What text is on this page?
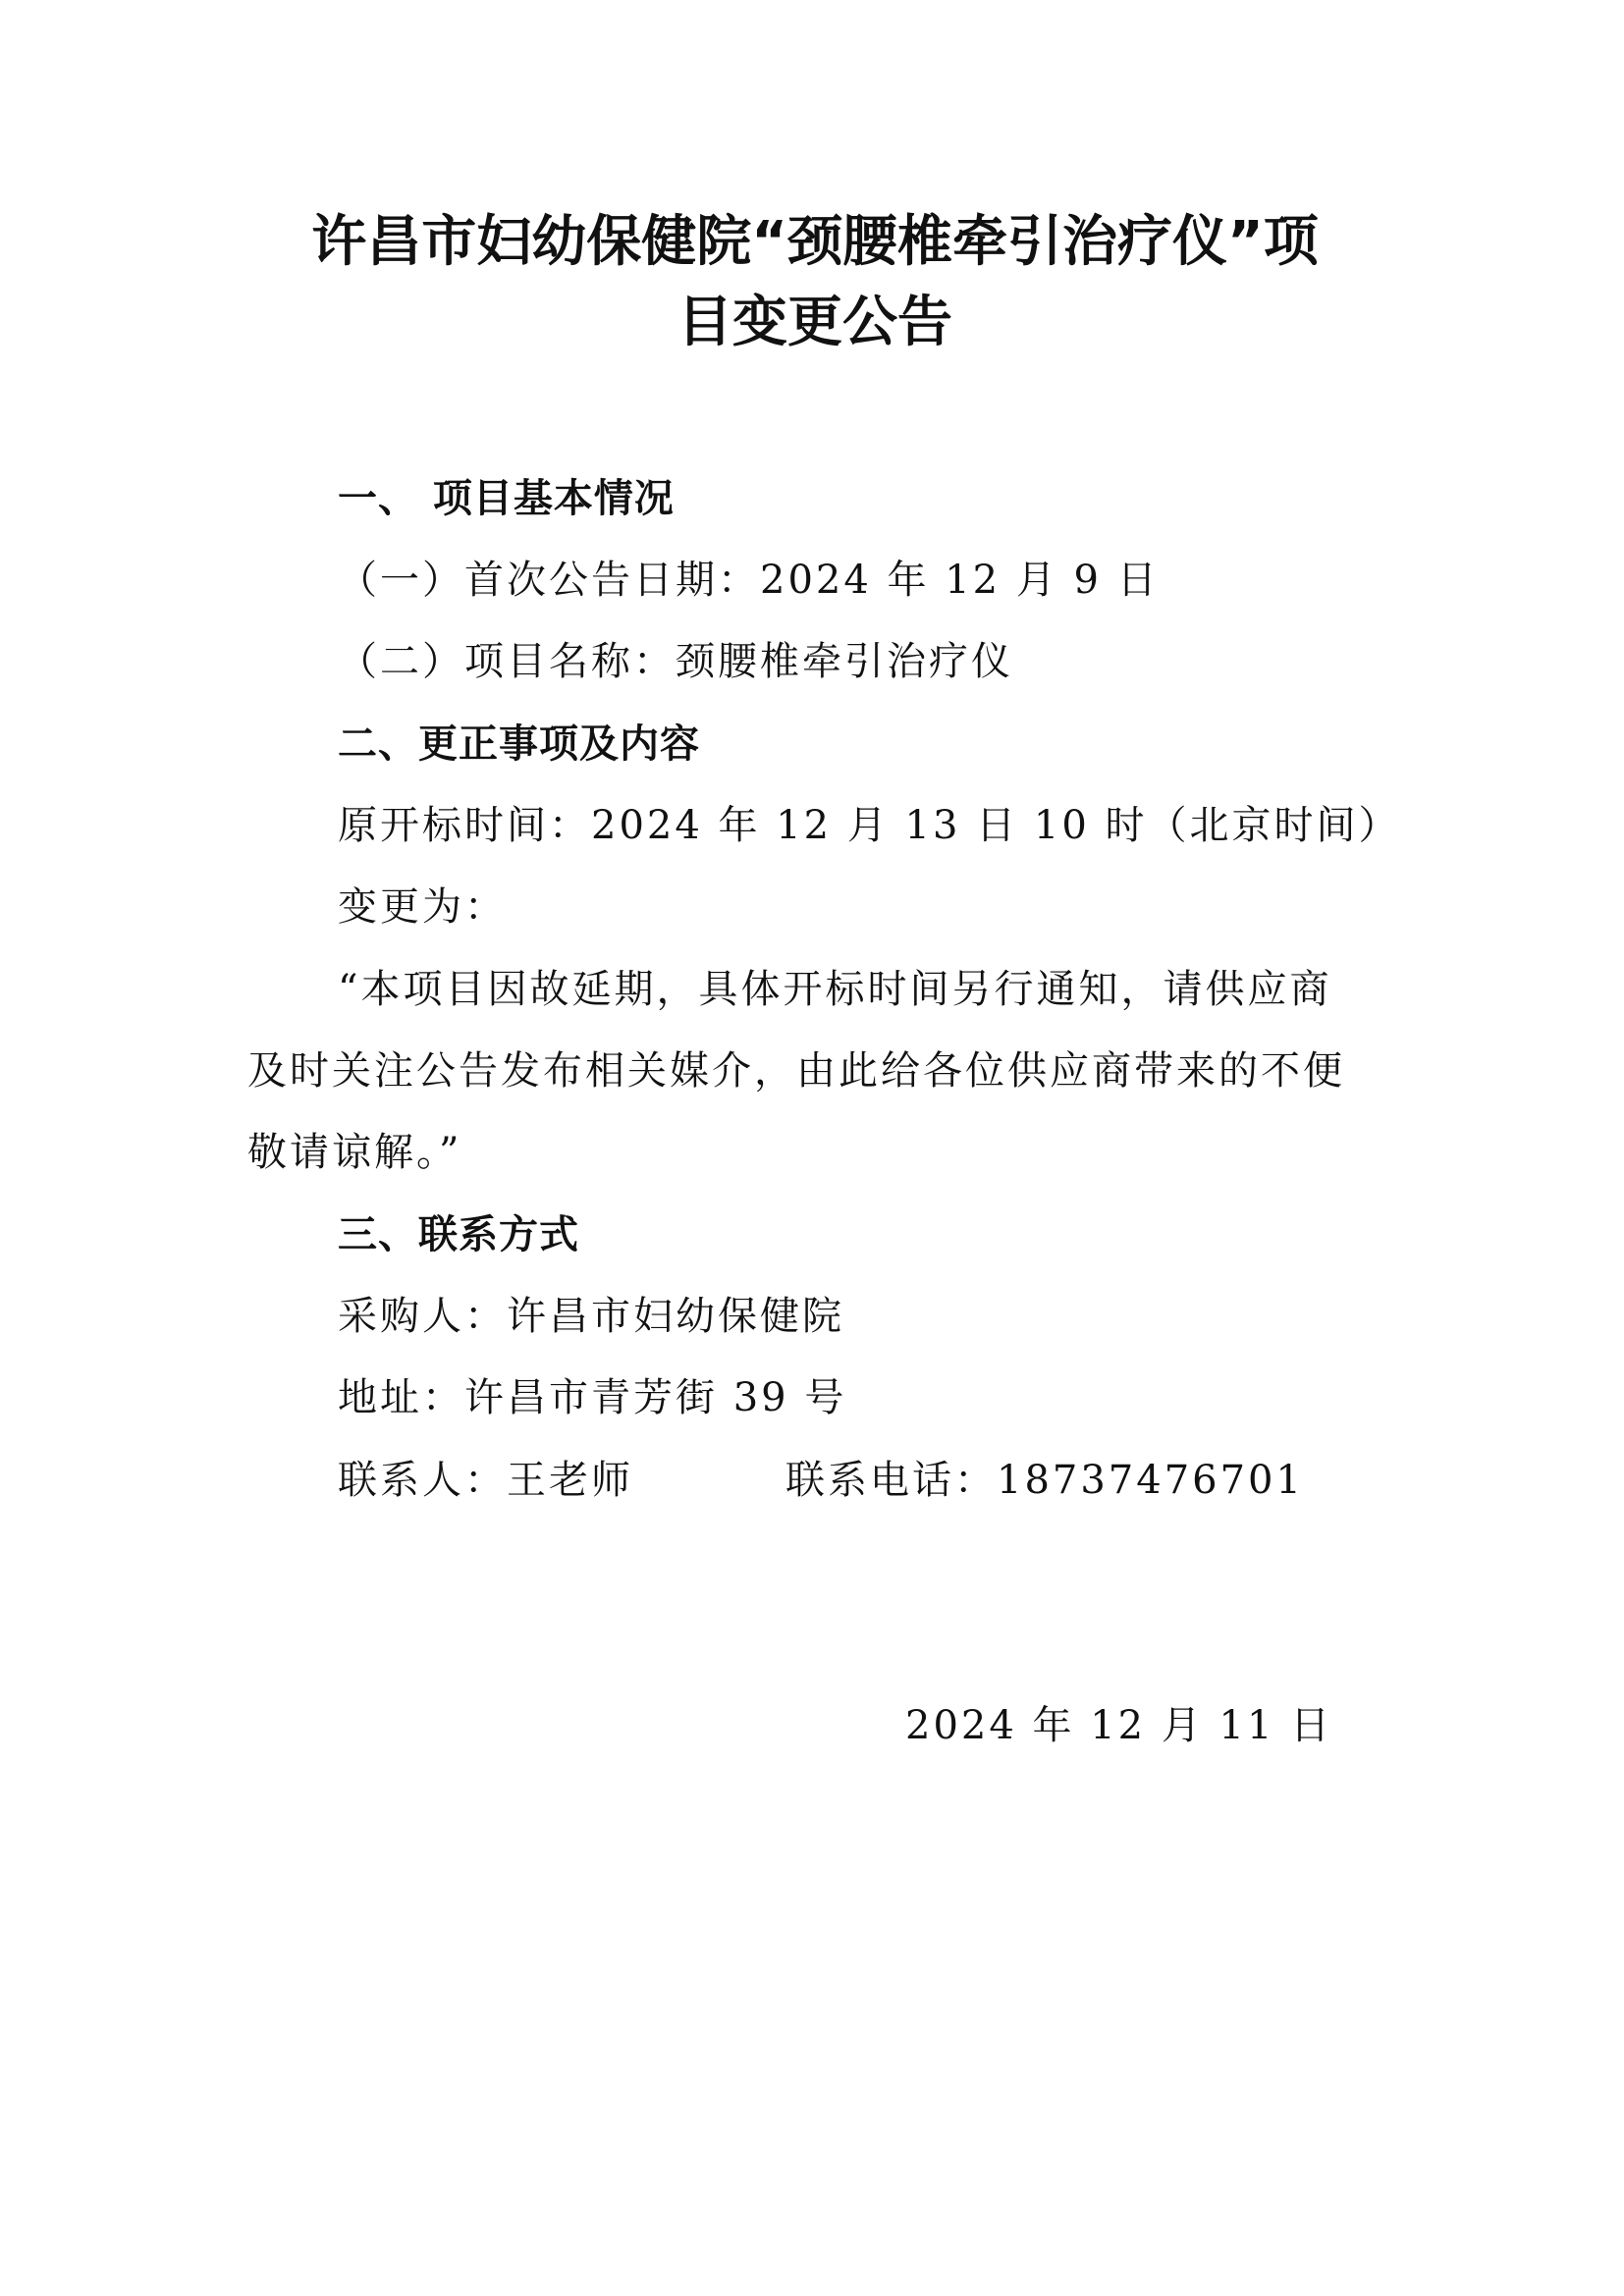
许昌市妇幼保健院“颈腰椎牵引治疗仪”项
目变更公告
一、 项目基本情况
（一）首次公告日期：2024 年 12 月 9 日
（二）项目名称：颈腰椎牵引治疗仪
二、更正事项及内容
原开标时间：2024 年 12 月 13 日 10 时（北京时间）
变更为：
“本项目因故延期，具体开标时间另行通知，请供应商
及时关注公告发布相关媒介，由此给各位供应商带来的不便
敬请谅解。”
三、联系方式
采购人：许昌市妇幼保健院
地址：许昌市青芳街 39 号
联系人：王老师	联系电话：18737476701
2024 年 12 月 11 日
